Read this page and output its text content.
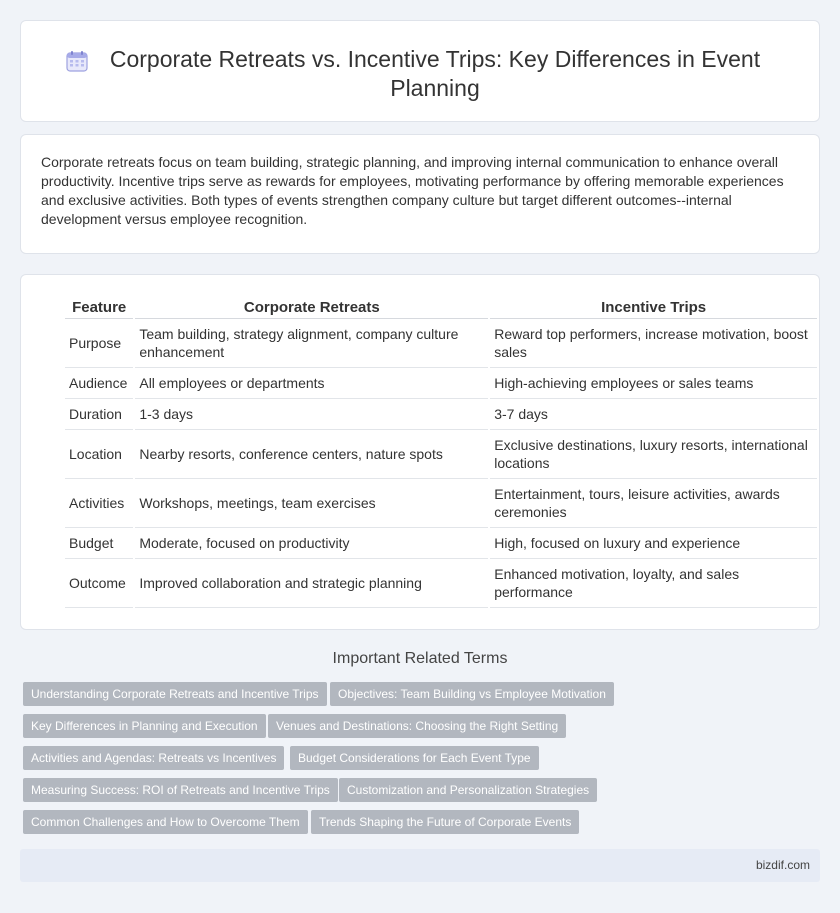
Corporate Retreats vs. Incentive Trips: Key Differences in Event Planning

Corporate retreats focus on team building, strategic planning, and improving internal communication to enhance overall productivity. Incentive trips serve as rewards for employees, motivating performance by offering memorable experiences and exclusive activities. Both types of events strengthen company culture but target different outcomes--internal development versus employee recognition.

Feature	Corporate Retreats	Incentive Trips
Purpose	Team building, strategy alignment, company culture enhancement	Reward top performers, increase motivation, boost sales
Audience	All employees or departments	High-achieving employees or sales teams
Duration	1-3 days	3-7 days
Location	Nearby resorts, conference centers, nature spots	Exclusive destinations, luxury resorts, international locations
Activities	Workshops, meetings, team exercises	Entertainment, tours, leisure activities, awards ceremonies
Budget	Moderate, focused on productivity	High, focused on luxury and experience
Outcome	Improved collaboration and strategic planning	Enhanced motivation, loyalty, and sales performance
Important Related Terms
Understanding Corporate Retreats and Incentive Trips	Objectives: Team Building vs Employee Motivation
Key Differences in Planning and Execution	Venues and Destinations: Choosing the Right Setting
Activities and Agendas: Retreats vs Incentives	Budget Considerations for Each Event Type
Measuring Success: ROI of Retreats and Incentive Trips	Customization and Personalization Strategies
Common Challenges and How to Overcome Them	Trends Shaping the Future of Corporate Events
bizdif.com
